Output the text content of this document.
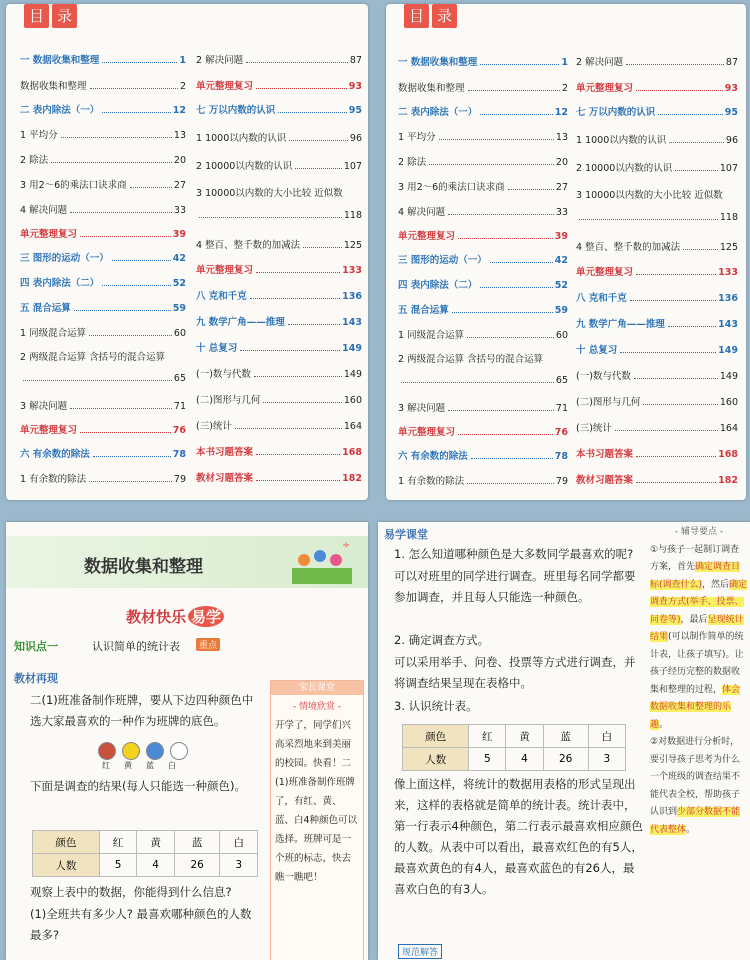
目 录
一 数据收集和整理	1
数据收集和整理	2
二 表内除法（一）	12
1 平均分	13
2 除法	20
3 用2～6的乘法口诀求商	27
4 解决问题	33
单元整理复习	39
三 图形的运动（一）	42
四 表内除法（二）	52
五 混合运算	59
1 同级混合运算	60
2 两级混合运算 含括号的混合运算
65
3 解决问题	71
单元整理复习	76
六 有余数的除法	78
1 有余数的除法	79
2 解决问题	87
单元整理复习	93
七 万以内数的认识	95
1 1000以内数的认识	96
2 10000以内数的认识	107
3 10000以内数的大小比较 近似数
118
4 整百、整千数的加减法	125
单元整理复习	133
八 克和千克	136
九 数学广角——推理	143
十 总复习	149
(一)数与代数	149
(二)图形与几何	160
(三)统计	164
本书习题答案	168
教材习题答案	182
目 录
一 数据收集和整理	1
数据收集和整理	2
二 表内除法（一）	12
1 平均分	13
2 除法	20
3 用2～6的乘法口诀求商	27
4 解决问题	33
单元整理复习	39
三 图形的运动（一）	42
四 表内除法（二）	52
五 混合运算	59
1 同级混合运算	60
2 两级混合运算 含括号的混合运算
65
3 解决问题	71
单元整理复习	76
六 有余数的除法	78
1 有余数的除法	79
2 解决问题	87
单元整理复习	93
七 万以内数的认识	95
1 1000以内数的认识	96
2 10000以内数的认识	107
3 10000以内数的大小比较 近似数
118
4 整百、整千数的加减法	125
单元整理复习	133
八 克和千克	136
九 数学广角——推理	143
十 总复习	149
(一)数与代数	149
(二)图形与几何	160
(三)统计	164
本书习题答案	168
教材习题答案	182
数据收集和整理
÷
教材快乐 易学
知识点一	认识简单的统计表	重点
教材再现
二(1)班准备制作班牌，要从下边四种颜色中选大家最喜欢的一种作为班牌的底色。
红 黄 蓝 白
下面是调查的结果(每人只能选一种颜色)。
颜色	红	黄	蓝	白
人数	5	4	26	3
观察上表中的数据，你能得到什么信息?
(1)全班共有多少人? 最喜欢哪种颜色的人数最多?
家长课堂
- 情境欣赏 -
开学了，同学们兴高采烈地来到美丽的校园。快看！二(1)班准备制作班牌了，有红、黄、蓝、白4种颜色可以选择。班牌可是一个班的标志，快去瞧一瞧吧！
易学课堂
1. 怎么知道哪种颜色是大多数同学最喜欢的呢?
可以对班里的同学进行调查。班里每名同学都要参加调查，并且每人只能选一种颜色。
2. 确定调查方式。
可以采用举手、问卷、投票等方式进行调查，并将调查结果呈现在表格中。
3. 认识统计表。
颜色	红	黄	蓝	白
人数	5	4	26	3
像上面这样，将统计的数据用表格的形式呈现出来，这样的表格就是简单的统计表。统计表中，第一行表示4种颜色，第二行表示最喜欢相应颜色的人数。从表中可以看出，最喜欢红色的有5人，最喜欢黄色的有4人，最喜欢蓝色的有26人，最喜欢白色的有3人。
规范解答
- 辅导要点 -
①与孩子一起制订调查方案，首先确定调查目标(调查什么)，然后确定调查方式(举手、投票、问卷等)，最后呈现统计结果(可以制作简单的统计表，让孩子填写)。让孩子经历完整的数据收集和整理的过程，体会数据收集和整理的乐趣。
②对数据进行分析时，要引导孩子思考为什么一个班级的调查结果不能代表全校，帮助孩子认识到少部分数据不能代表整体。
